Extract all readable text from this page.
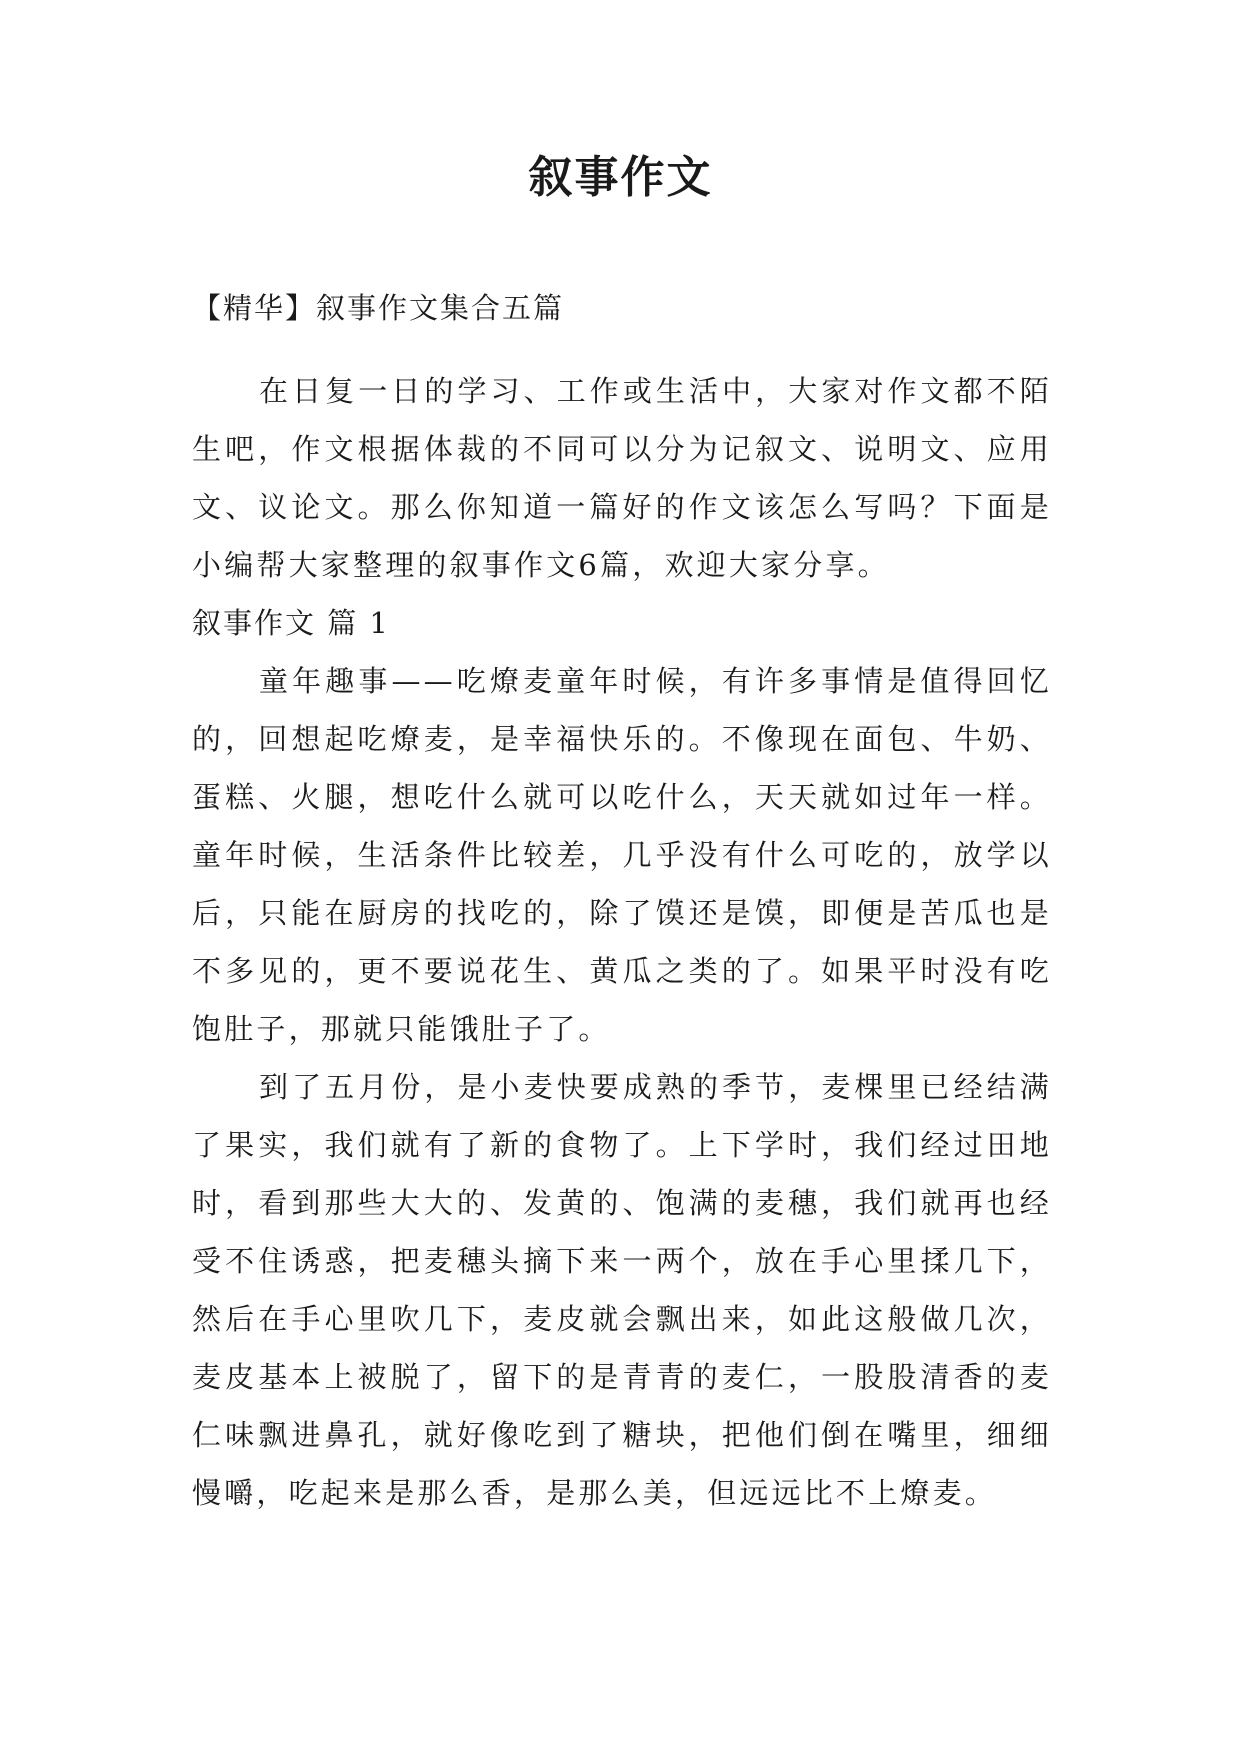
叙事作文
【精华】叙事作文集合五篇

在日复一日的学习、工作或生活中，大家对作文都不陌生吧，作文根据体裁的不同可以分为记叙文、说明文、应用文、议论文。那么你知道一篇好的作文该怎么写吗？下面是小编帮大家整理的叙事作文6篇，欢迎大家分享。

叙事作文 篇 1

童年趣事——吃燎麦童年时候，有许多事情是值得回忆的，回想起吃燎麦，是幸福快乐的。不像现在面包、牛奶、蛋糕、火腿，想吃什么就可以吃什么，天天就如过年一样。童年时候，生活条件比较差，几乎没有什么可吃的，放学以后，只能在厨房的找吃的，除了馍还是馍，即便是苦瓜也是不多见的，更不要说花生、黄瓜之类的了。如果平时没有吃饱肚子，那就只能饿肚子了。

到了五月份，是小麦快要成熟的季节，麦棵里已经结满了果实，我们就有了新的食物了。上下学时，我们经过田地时，看到那些大大的、发黄的、饱满的麦穗，我们就再也经受不住诱惑，把麦穗头摘下来一两个，放在手心里揉几下，然后在手心里吹几下，麦皮就会飘出来，如此这般做几次，麦皮基本上被脱了，留下的是青青的麦仁，一股股清香的麦仁味飘进鼻孔，就好像吃到了糖块，把他们倒在嘴里，细细慢嚼，吃起来是那么香，是那么美，但远远比不上燎麦。
